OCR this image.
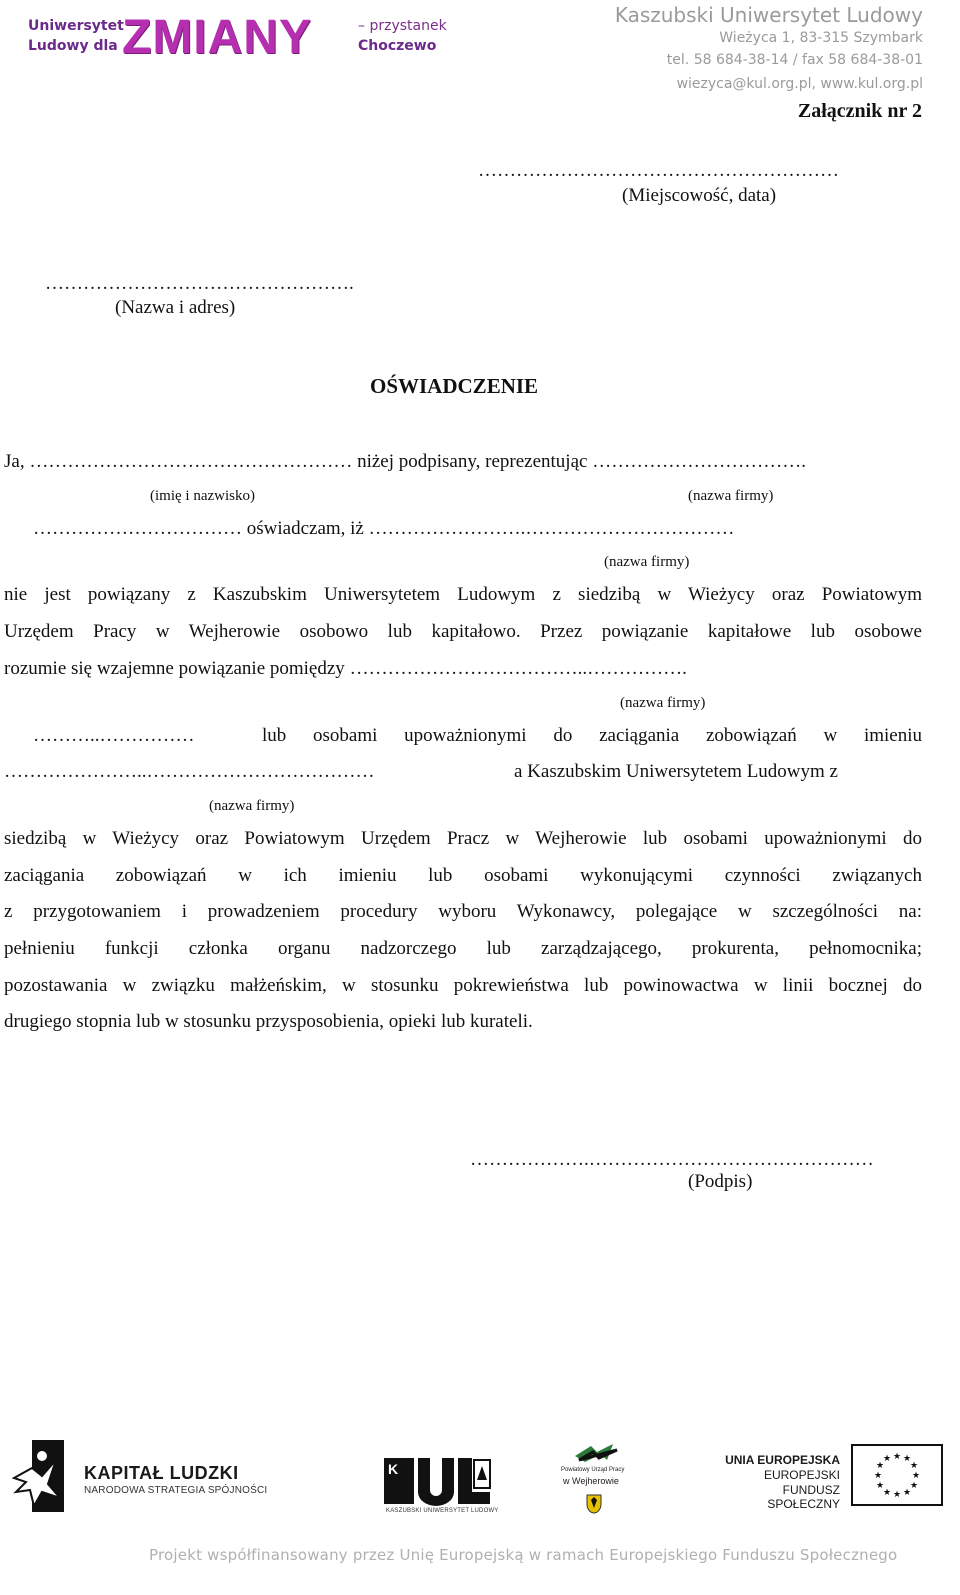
Uniwersytet
Ludowy dla ZMIANY	– przystanek
Choczewo
Kaszubski Uniwersytet Ludowy
Wieżyca 1, 83-315 Szymbark
tel. 58 684-38-14 / fax 58 684-38-01
wiezyca@kul.org.pl, www.kul.org.pl
Załącznik nr 2
…………………………………………………
(Miejscowość, data)
………………………………………….
(Nazwa i adres)
OŚWIADCZENIE
Ja, …………………………………………… niżej podpisany, reprezentując …………………………….
(imię i nazwisko)	(nazwa firmy)
…………………………… oświadczam, iż …………………….……………………………
(nazwa firmy)
nie jest powiązany z Kaszubskim Uniwersytetem Ludowym z siedzibą w Wieżycy oraz Powiatowym
Urzędem Pracy w Wejherowie osobowo lub kapitałowo. Przez powiązanie kapitałowe lub osobowe
rozumie się wzajemne powiązanie pomiędzy ………………………………..…………….
(nazwa firmy)
………..……………	lub osobami upoważnionymi do zaciągania zobowiązań w imieniu
…………………..………………………………	a Kaszubskim Uniwersytetem Ludowym z
(nazwa firmy)
siedzibą w Wieżycy oraz Powiatowym Urzędem Pracz w Wejherowie lub osobami upoważnionymi do
zaciągania zobowiązań w ich imieniu lub osobami wykonującymi czynności związanych
z przygotowaniem i prowadzeniem procedury wyboru Wykonawcy, polegające w szczególności na:
pełnieniu funkcji członka organu nadzorczego lub zarządzającego, prokurenta, pełnomocnika;
pozostawania w związku małżeńskim, w stosunku pokrewieństwa lub powinowactwa w linii bocznej do
drugiego stopnia lub w stosunku przysposobienia, opieki lub kurateli.
……………….………………………………………
(Podpis)
KAPITAŁ LUDZKI
NARODOWA STRATEGIA SPÓJNOŚCI
K
KASZUBSKI UNIWERSYTET LUDOWY
Powiatowy Urząd Pracy
w Wejherowie
UNIA EUROPEJSKA
EUROPEJSKI
FUNDUSZ SPOŁECZNY
★ ★
★
★
★
★
★
★
★
★
★
★
Projekt współfinansowany przez Unię Europejską w ramach Europejskiego Funduszu Społecznego
